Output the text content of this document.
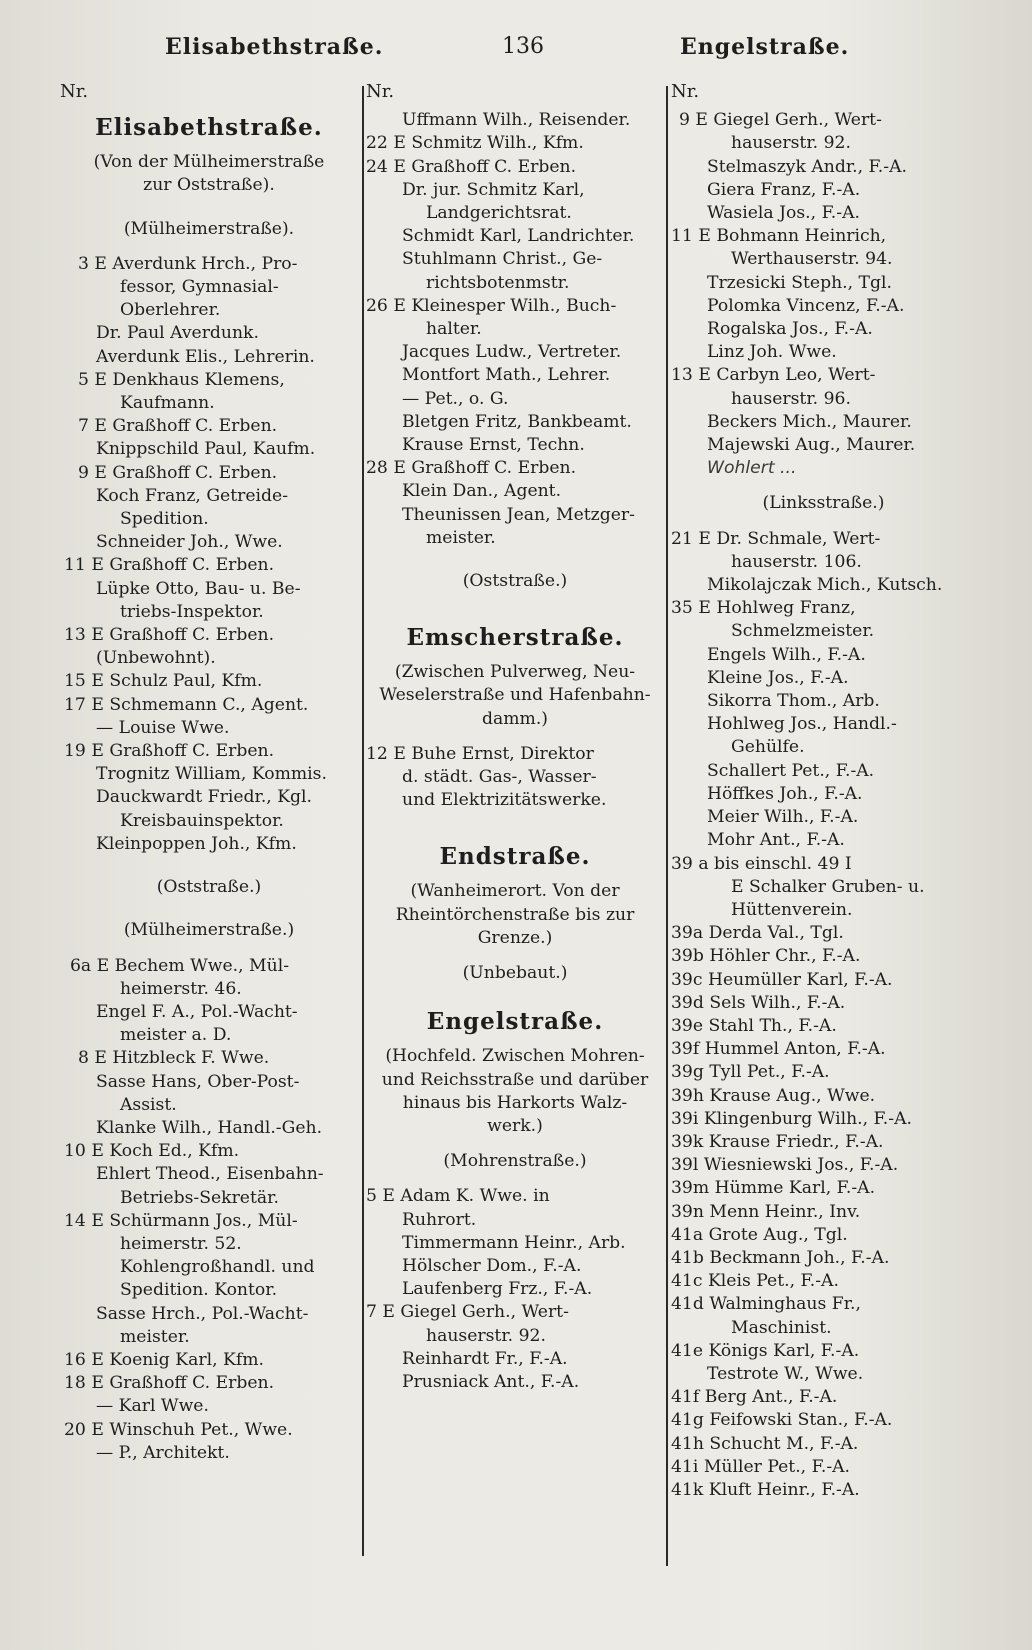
Elisabethstraße.	136	Engelstraße.
Nr.
Elisabethstraße.
(Von der Mülheimerstraße
zur Oststraße).
(Mülheimerstraße).
3 E Averdunk Hrch., Pro-
fessor, Gymnasial-
Oberlehrer.
Dr. Paul Averdunk.
Averdunk Elis., Lehrerin.
5 E Denkhaus Klemens,
Kaufmann.
7 E Graßhoff C. Erben.
Knippschild Paul, Kaufm.
9 E Graßhoff C. Erben.
Koch Franz, Getreide-
Spedition.
Schneider Joh., Wwe.
11 E Graßhoff C. Erben.
Lüpke Otto, Bau- u. Be-
triebs-Inspektor.
13 E Graßhoff C. Erben.
(Unbewohnt).
15 E Schulz Paul, Kfm.
17 E Schmemann C., Agent.
— Louise Wwe.
19 E Graßhoff C. Erben.
Trognitz William, Kommis.
Dauckwardt Friedr., Kgl.
Kreisbauinspektor.
Kleinpoppen Joh., Kfm.
(Oststraße.)
(Mülheimerstraße.)
6a E Bechem Wwe., Mül-
heimerstr. 46.
Engel F. A., Pol.-Wacht-
meister a. D.
8 E Hitzbleck F. Wwe.
Sasse Hans, Ober-Post-
Assist.
Klanke Wilh., Handl.-Geh.
10 E Koch Ed., Kfm.
Ehlert Theod., Eisenbahn-
Betriebs-Sekretär.
14 E Schürmann Jos., Mül-
heimerstr. 52.
Kohlengroßhandl. und
Spedition. Kontor.
Sasse Hrch., Pol.-Wacht-
meister.
16 E Koenig Karl, Kfm.
18 E Graßhoff C. Erben.
— Karl Wwe.
20 E Winschuh Pet., Wwe.
— P., Architekt.
Nr.
Uffmann Wilh., Reisender.
22 E Schmitz Wilh., Kfm.
24 E Graßhoff C. Erben.
Dr. jur. Schmitz Karl,
Landgerichtsrat.
Schmidt Karl, Landrichter.
Stuhlmann Christ., Ge-
richtsbotenmstr.
26 E Kleinesper Wilh., Buch-
halter.
Jacques Ludw., Vertreter.
Montfort Math., Lehrer.
— Pet., o. G.
Bletgen Fritz, Bankbeamt.
Krause Ernst, Techn.
28 E Graßhoff C. Erben.
Klein Dan., Agent.
Theunissen Jean, Metzger-
meister.
(Oststraße.)
Emscherstraße.
(Zwischen Pulverweg, Neu-
Weselerstraße und Hafenbahn-
damm.)
12 E Buhe Ernst, Direktor
d. städt. Gas-, Wasser-
und Elektrizitätswerke.
Endstraße.
(Wanheimerort. Von der
Rheintörchenstraße bis zur
Grenze.)
(Unbebaut.)
Engelstraße.
(Hochfeld. Zwischen Mohren-
und Reichsstraße und darüber
hinaus bis Harkorts Walz-
werk.)
(Mohrenstraße.)
5 E Adam K. Wwe. in
Ruhrort.
Timmermann Heinr., Arb.
Hölscher Dom., F.-A.
Laufenberg Frz., F.-A.
7 E Giegel Gerh., Wert-
hauserstr. 92.
Reinhardt Fr., F.-A.
Prusniack Ant., F.-A.
Nr.
9 E Giegel Gerh., Wert-
hauserstr. 92.
Stelmaszyk Andr., F.-A.
Giera Franz, F.-A.
Wasiela Jos., F.-A.
11 E Bohmann Heinrich,
Werthauserstr. 94.
Trzesicki Steph., Tgl.
Polomka Vincenz, F.-A.
Rogalska Jos., F.-A.
Linz Joh. Wwe.
13 E Carbyn Leo, Wert-
hauserstr. 96.
Beckers Mich., Maurer.
Majewski Aug., Maurer.
Wohlert ...
(Linksstraße.)
21 E Dr. Schmale, Wert-
hauserstr. 106.
Mikolajczak Mich., Kutsch.
35 E Hohlweg Franz,
Schmelzmeister.
Engels Wilh., F.-A.
Kleine Jos., F.-A.
Sikorra Thom., Arb.
Hohlweg Jos., Handl.-
Gehülfe.
Schallert Pet., F.-A.
Höffkes Joh., F.-A.
Meier Wilh., F.-A.
Mohr Ant., F.-A.
39 a bis einschl. 49 I
E Schalker Gruben- u.
Hüttenverein.
39a Derda Val., Tgl.
39b Höhler Chr., F.-A.
39c Heumüller Karl, F.-A.
39d Sels Wilh., F.-A.
39e Stahl Th., F.-A.
39f Hummel Anton, F.-A.
39g Tyll Pet., F.-A.
39h Krause Aug., Wwe.
39i Klingenburg Wilh., F.-A.
39k Krause Friedr., F.-A.
39l Wiesniewski Jos., F.-A.
39m Hümme Karl, F.-A.
39n Menn Heinr., Inv.
41a Grote Aug., Tgl.
41b Beckmann Joh., F.-A.
41c Kleis Pet., F.-A.
41d Walminghaus Fr.,
Maschinist.
41e Königs Karl, F.-A.
Testrote W., Wwe.
41f Berg Ant., F.-A.
41g Feifowski Stan., F.-A.
41h Schucht M., F.-A.
41i Müller Pet., F.-A.
41k Kluft Heinr., F.-A.
